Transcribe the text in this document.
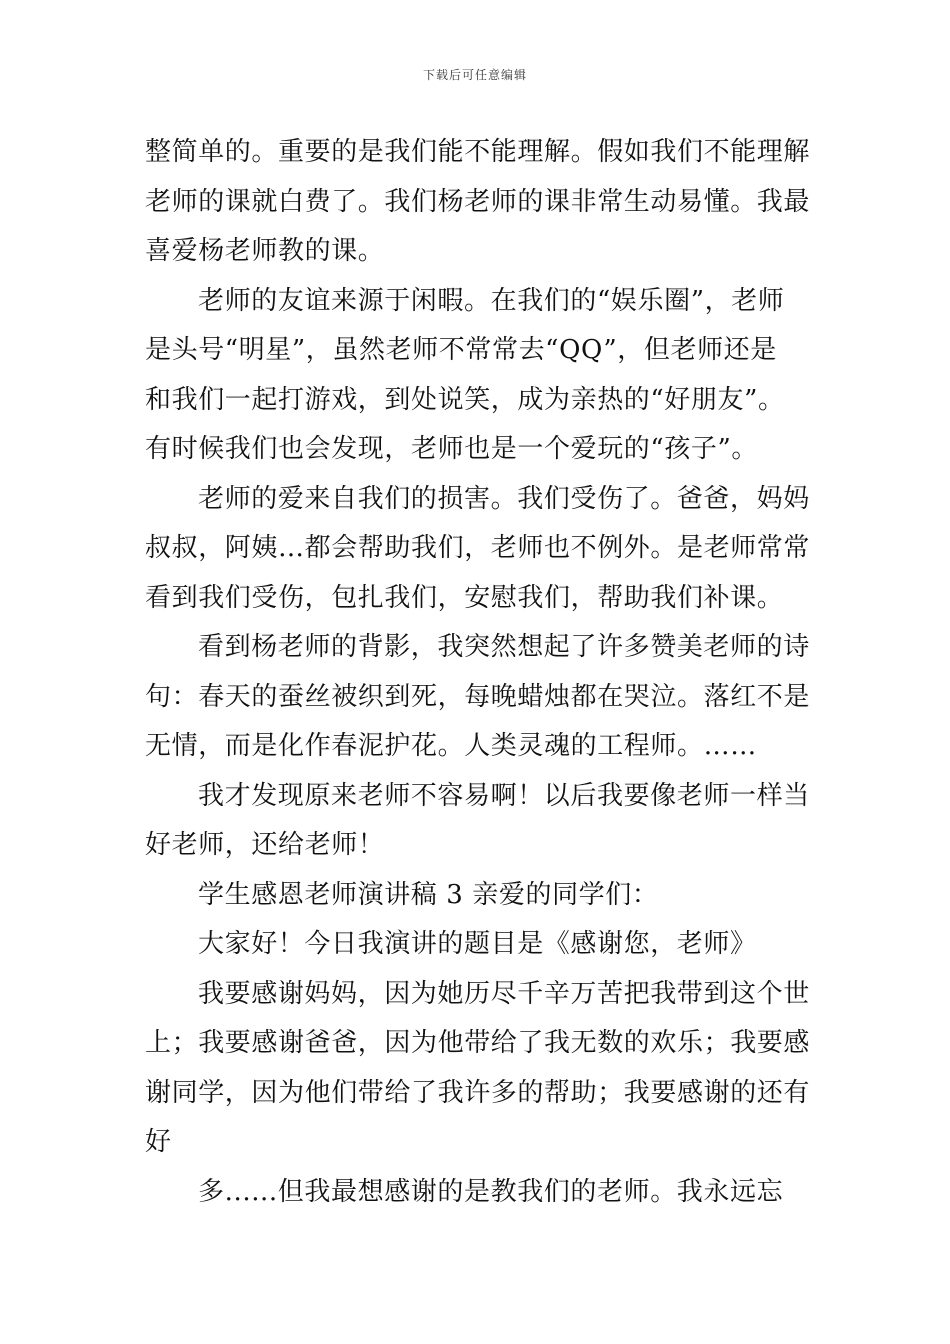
下载后可任意编辑
整简单的。重要的是我们能不能理解。假如我们不能理解
老师的课就白费了。我们杨老师的课非常生动易懂。我最
喜爱杨老师教的课。
老师的友谊来源于闲暇。在我们的“娱乐圈”，老师
是头号“明星”，虽然老师不常常去“QQ”，但老师还是
和我们一起打游戏，到处说笑，成为亲热的“好朋友”。
有时候我们也会发现，老师也是一个爱玩的“孩子”。
老师的爱来自我们的损害。我们受伤了。爸爸，妈妈
叔叔，阿姨…都会帮助我们，老师也不例外。是老师常常
看到我们受伤，包扎我们，安慰我们，帮助我们补课。
看到杨老师的背影，我突然想起了许多赞美老师的诗
句：春天的蚕丝被织到死，每晚蜡烛都在哭泣。落红不是
无情，而是化作春泥护花。人类灵魂的工程师。……
我才发现原来老师不容易啊！以后我要像老师一样当
好老师，还给老师！
学生感恩老师演讲稿 3 亲爱的同学们：
大家好！今日我演讲的题目是《感谢您，老师》
我要感谢妈妈，因为她历尽千辛万苦把我带到这个世
上；我要感谢爸爸，因为他带给了我无数的欢乐；我要感
谢同学，因为他们带给了我许多的帮助；我要感谢的还有
好
多......但我最想感谢的是教我们的老师。我永远忘
